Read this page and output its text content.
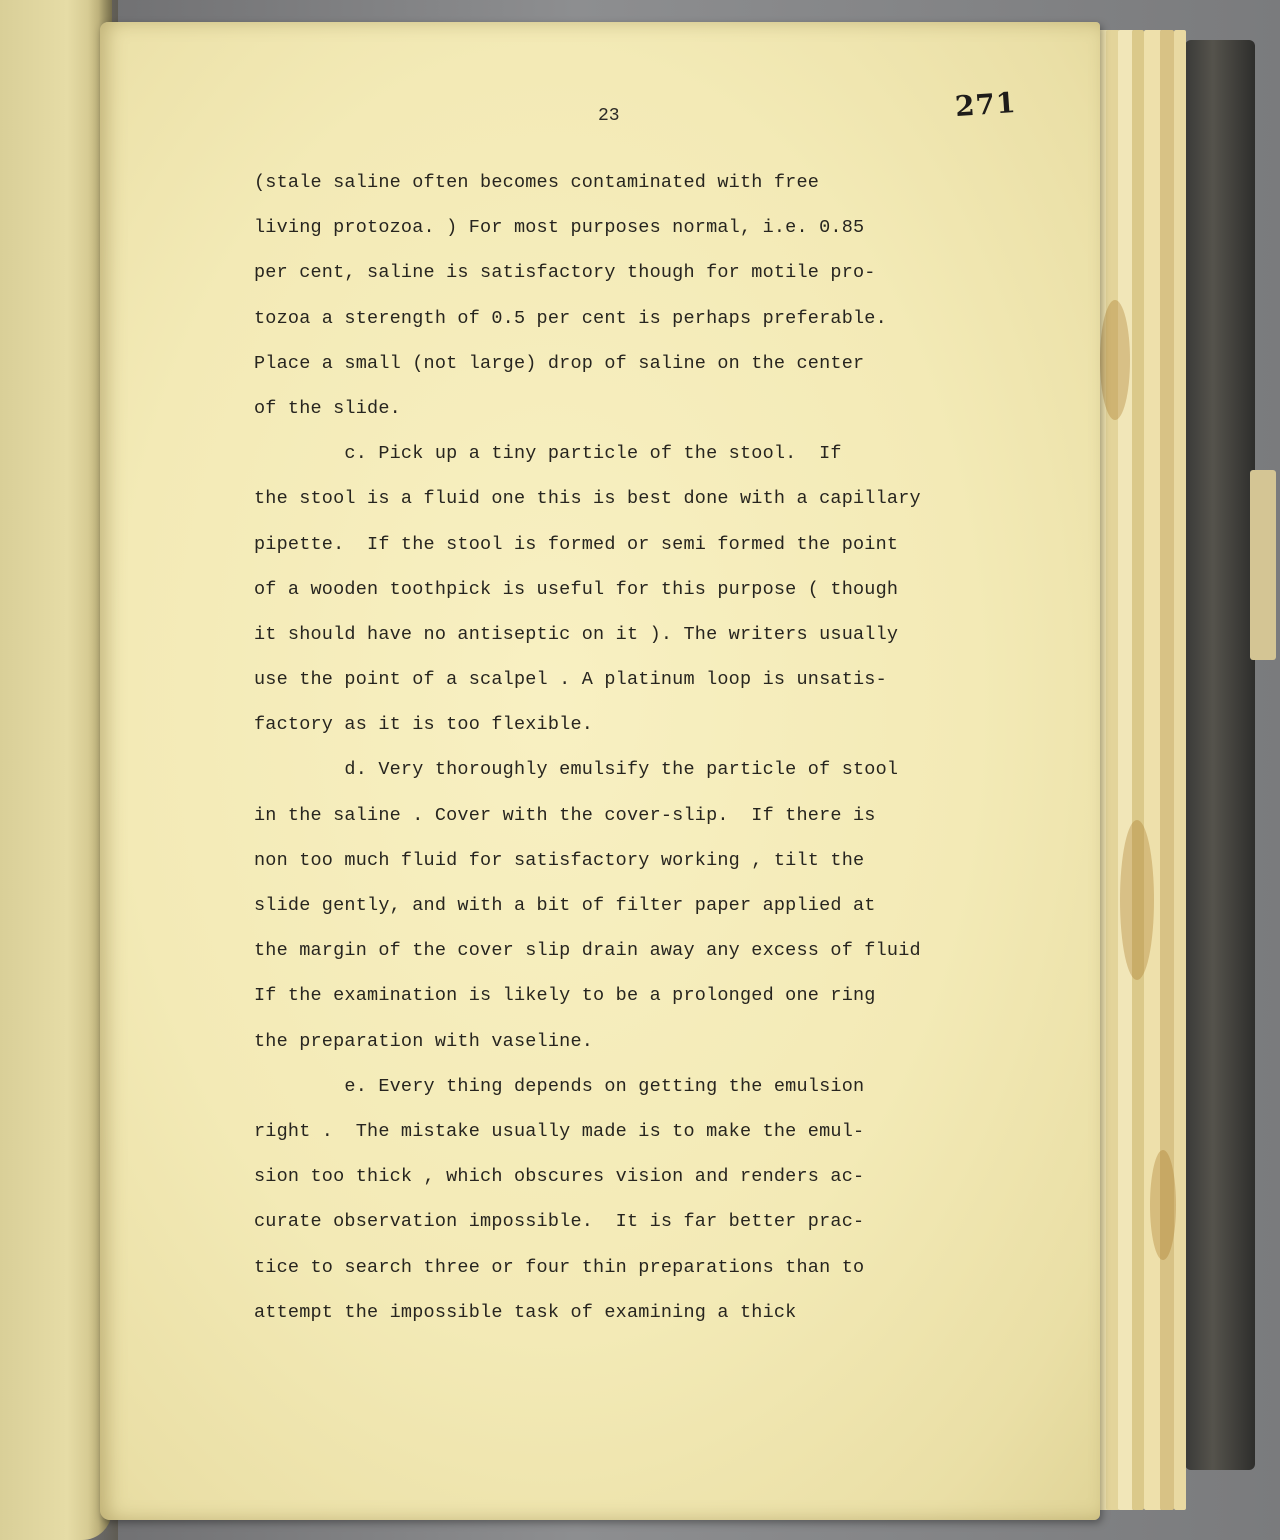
23	271

(stale saline often becomes contaminated with free
living protozoa. ) For most purposes normal, i.e. 0.85
per cent, saline is satisfactory though for motile pro-
tozoa a sterength of 0.5 per cent is perhaps preferable.
Place a small (not large) drop of saline on the center
of the slide.
c. Pick up a tiny particle of the stool.  If
the stool is a fluid one this is best done with a capillary
pipette.  If the stool is formed or semi formed the point
of a wooden toothpick is useful for this purpose ( though
it should have no antiseptic on it ). The writers usually
use the point of a scalpel . A platinum loop is unsatis-
factory as it is too flexible.
d. Very thoroughly emulsify the particle of stool
in the saline . Cover with the cover-slip.  If there is
non too much fluid for satisfactory working , tilt the
slide gently, and with a bit of filter paper applied at
the margin of the cover slip drain away any excess of fluid
If the examination is likely to be a prolonged one ring
the preparation with vaseline.
e. Every thing depends on getting the emulsion
right .  The mistake usually made is to make the emul-
sion too thick , which obscures vision and renders ac-
curate observation impossible.  It is far better prac-
tice to search three or four thin preparations than to
attempt the impossible task of examining a thick
